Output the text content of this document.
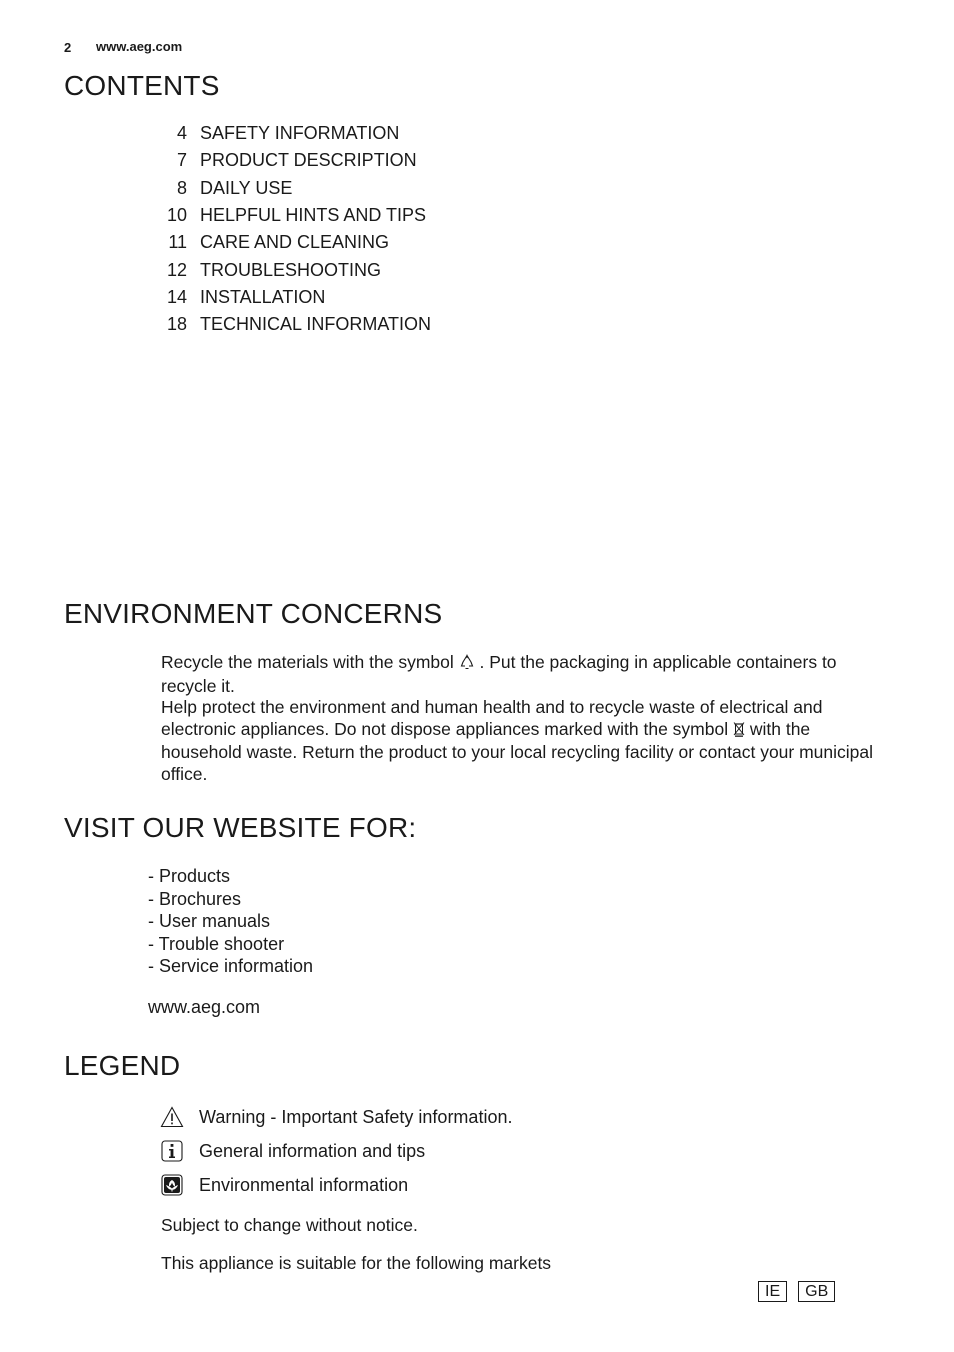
2 www.aeg.com
CONTENTS
4 SAFETY INFORMATION
7 PRODUCT DESCRIPTION
8 DAILY USE
10 HELPFUL HINTS AND TIPS
11 CARE AND CLEANING
12 TROUBLESHOOTING
14 INSTALLATION
18 TECHNICAL INFORMATION
ENVIRONMENT CONCERNS

Recycle the materials with the symbol . Put the packaging in applicable containers to recycle it.

Help protect the environment and human health and to recycle waste of electrical and electronic appliances. Do not dispose appliances marked with the symbol with the household waste. Return the product to your local recycling facility or contact your municipal office.

VISIT OUR WEBSITE FOR:
- Products
- Brochures
- User manuals
- Trouble shooter
- Service information
www.aeg.com
LEGEND
Warning - Important Safety information.
General information and tips
Environmental information
Subject to change without notice.
This appliance is suitable for the following markets
IE	GB
